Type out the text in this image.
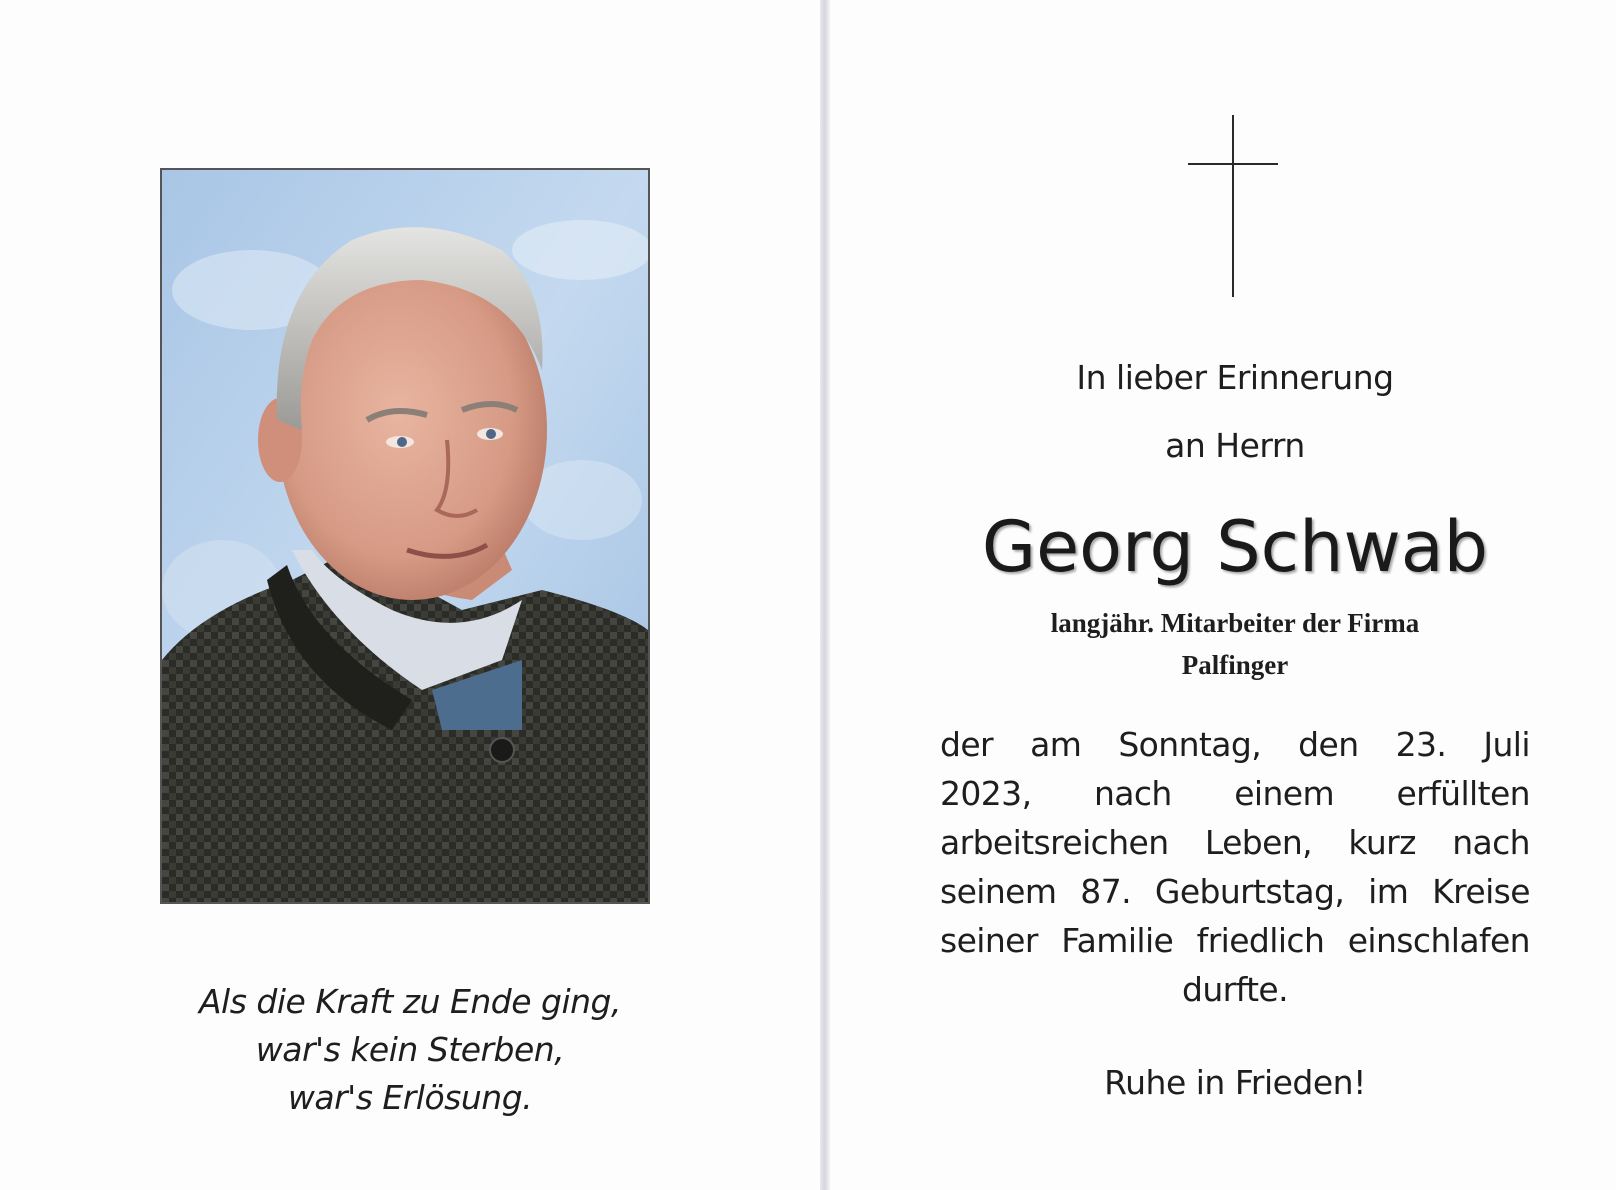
Als die Kraft zu Ende ging,
war's kein Sterben,
war's Erlösung.
In lieber Erinnerung
an Herrn
Georg Schwab
langjähr. Mitarbeiter der Firma
Palfinger
der am Sonntag, den 23. Juli
2023, nach einem erfüllten
arbeitsreichen Leben, kurz nach
seinem 87. Geburtstag, im Kreise
seiner Familie friedlich einschlafen
durfte.
Ruhe in Frieden!
